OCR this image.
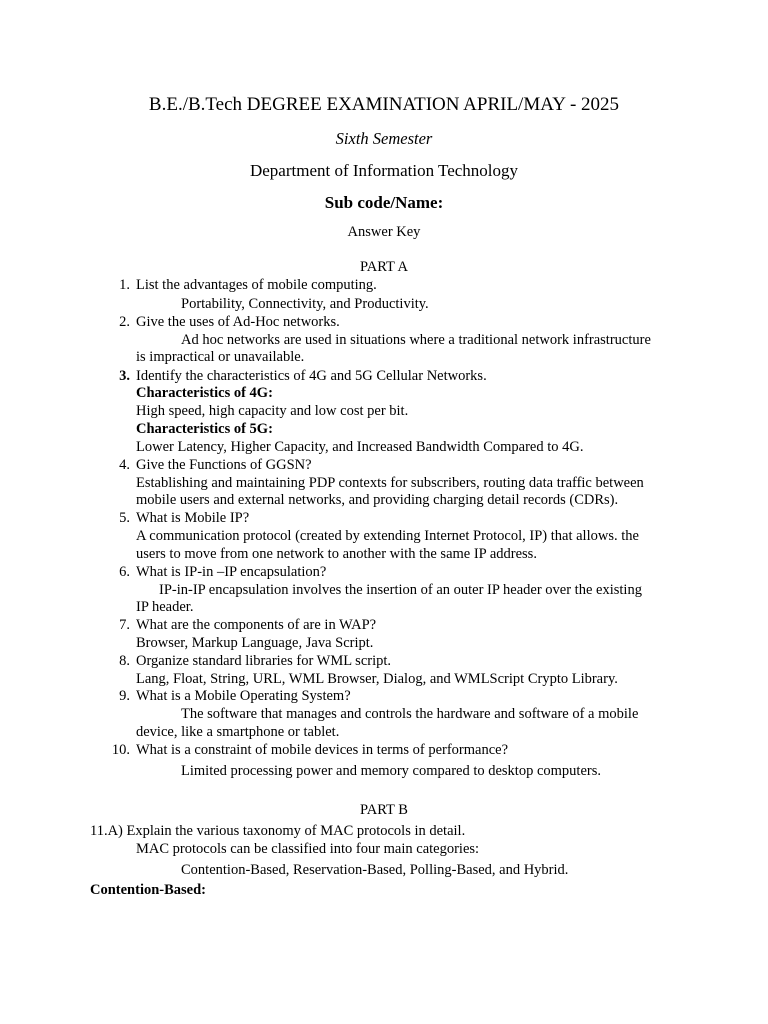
B.E./B.Tech DEGREE EXAMINATION APRIL/MAY - 2025
Sixth Semester
Department of Information Technology
Sub code/Name:
Answer Key
PART A
1. List the advantages of mobile computing.
Portability, Connectivity, and Productivity.
2. Give the uses of Ad-Hoc networks.
Ad hoc networks are used in situations where a traditional network infrastructure
is impractical or unavailable.
3. Identify the characteristics of 4G and 5G Cellular Networks.
Characteristics of 4G:
High speed, high capacity and low cost per bit.
Characteristics of 5G:
Lower Latency, Higher Capacity, and Increased Bandwidth Compared to 4G.
4. Give the Functions of GGSN?
Establishing and maintaining PDP contexts for subscribers, routing data traffic between
mobile users and external networks, and providing charging detail records (CDRs).
5. What is Mobile IP?
A communication protocol (created by extending Internet Protocol, IP) that allows. the
users to move from one network to another with the same IP address.
6. What is IP-in –IP encapsulation?
IP-in-IP encapsulation involves the insertion of an outer IP header over the existing
IP header.
7. What are the components of are in WAP?
Browser, Markup Language, Java Script.
8. Organize standard libraries for WML script.
Lang, Float, String, URL, WML Browser, Dialog, and WMLScript Crypto Library.
9. What is a Mobile Operating System?
The software that manages and controls the hardware and software of a mobile
device, like a smartphone or tablet.
10. What is a constraint of mobile devices in terms of performance?
Limited processing power and memory compared to desktop computers.
PART B
11.A) Explain the various taxonomy of MAC protocols in detail.
MAC protocols can be classified into four main categories:
Contention-Based, Reservation-Based, Polling-Based, and Hybrid.
Contention-Based:
